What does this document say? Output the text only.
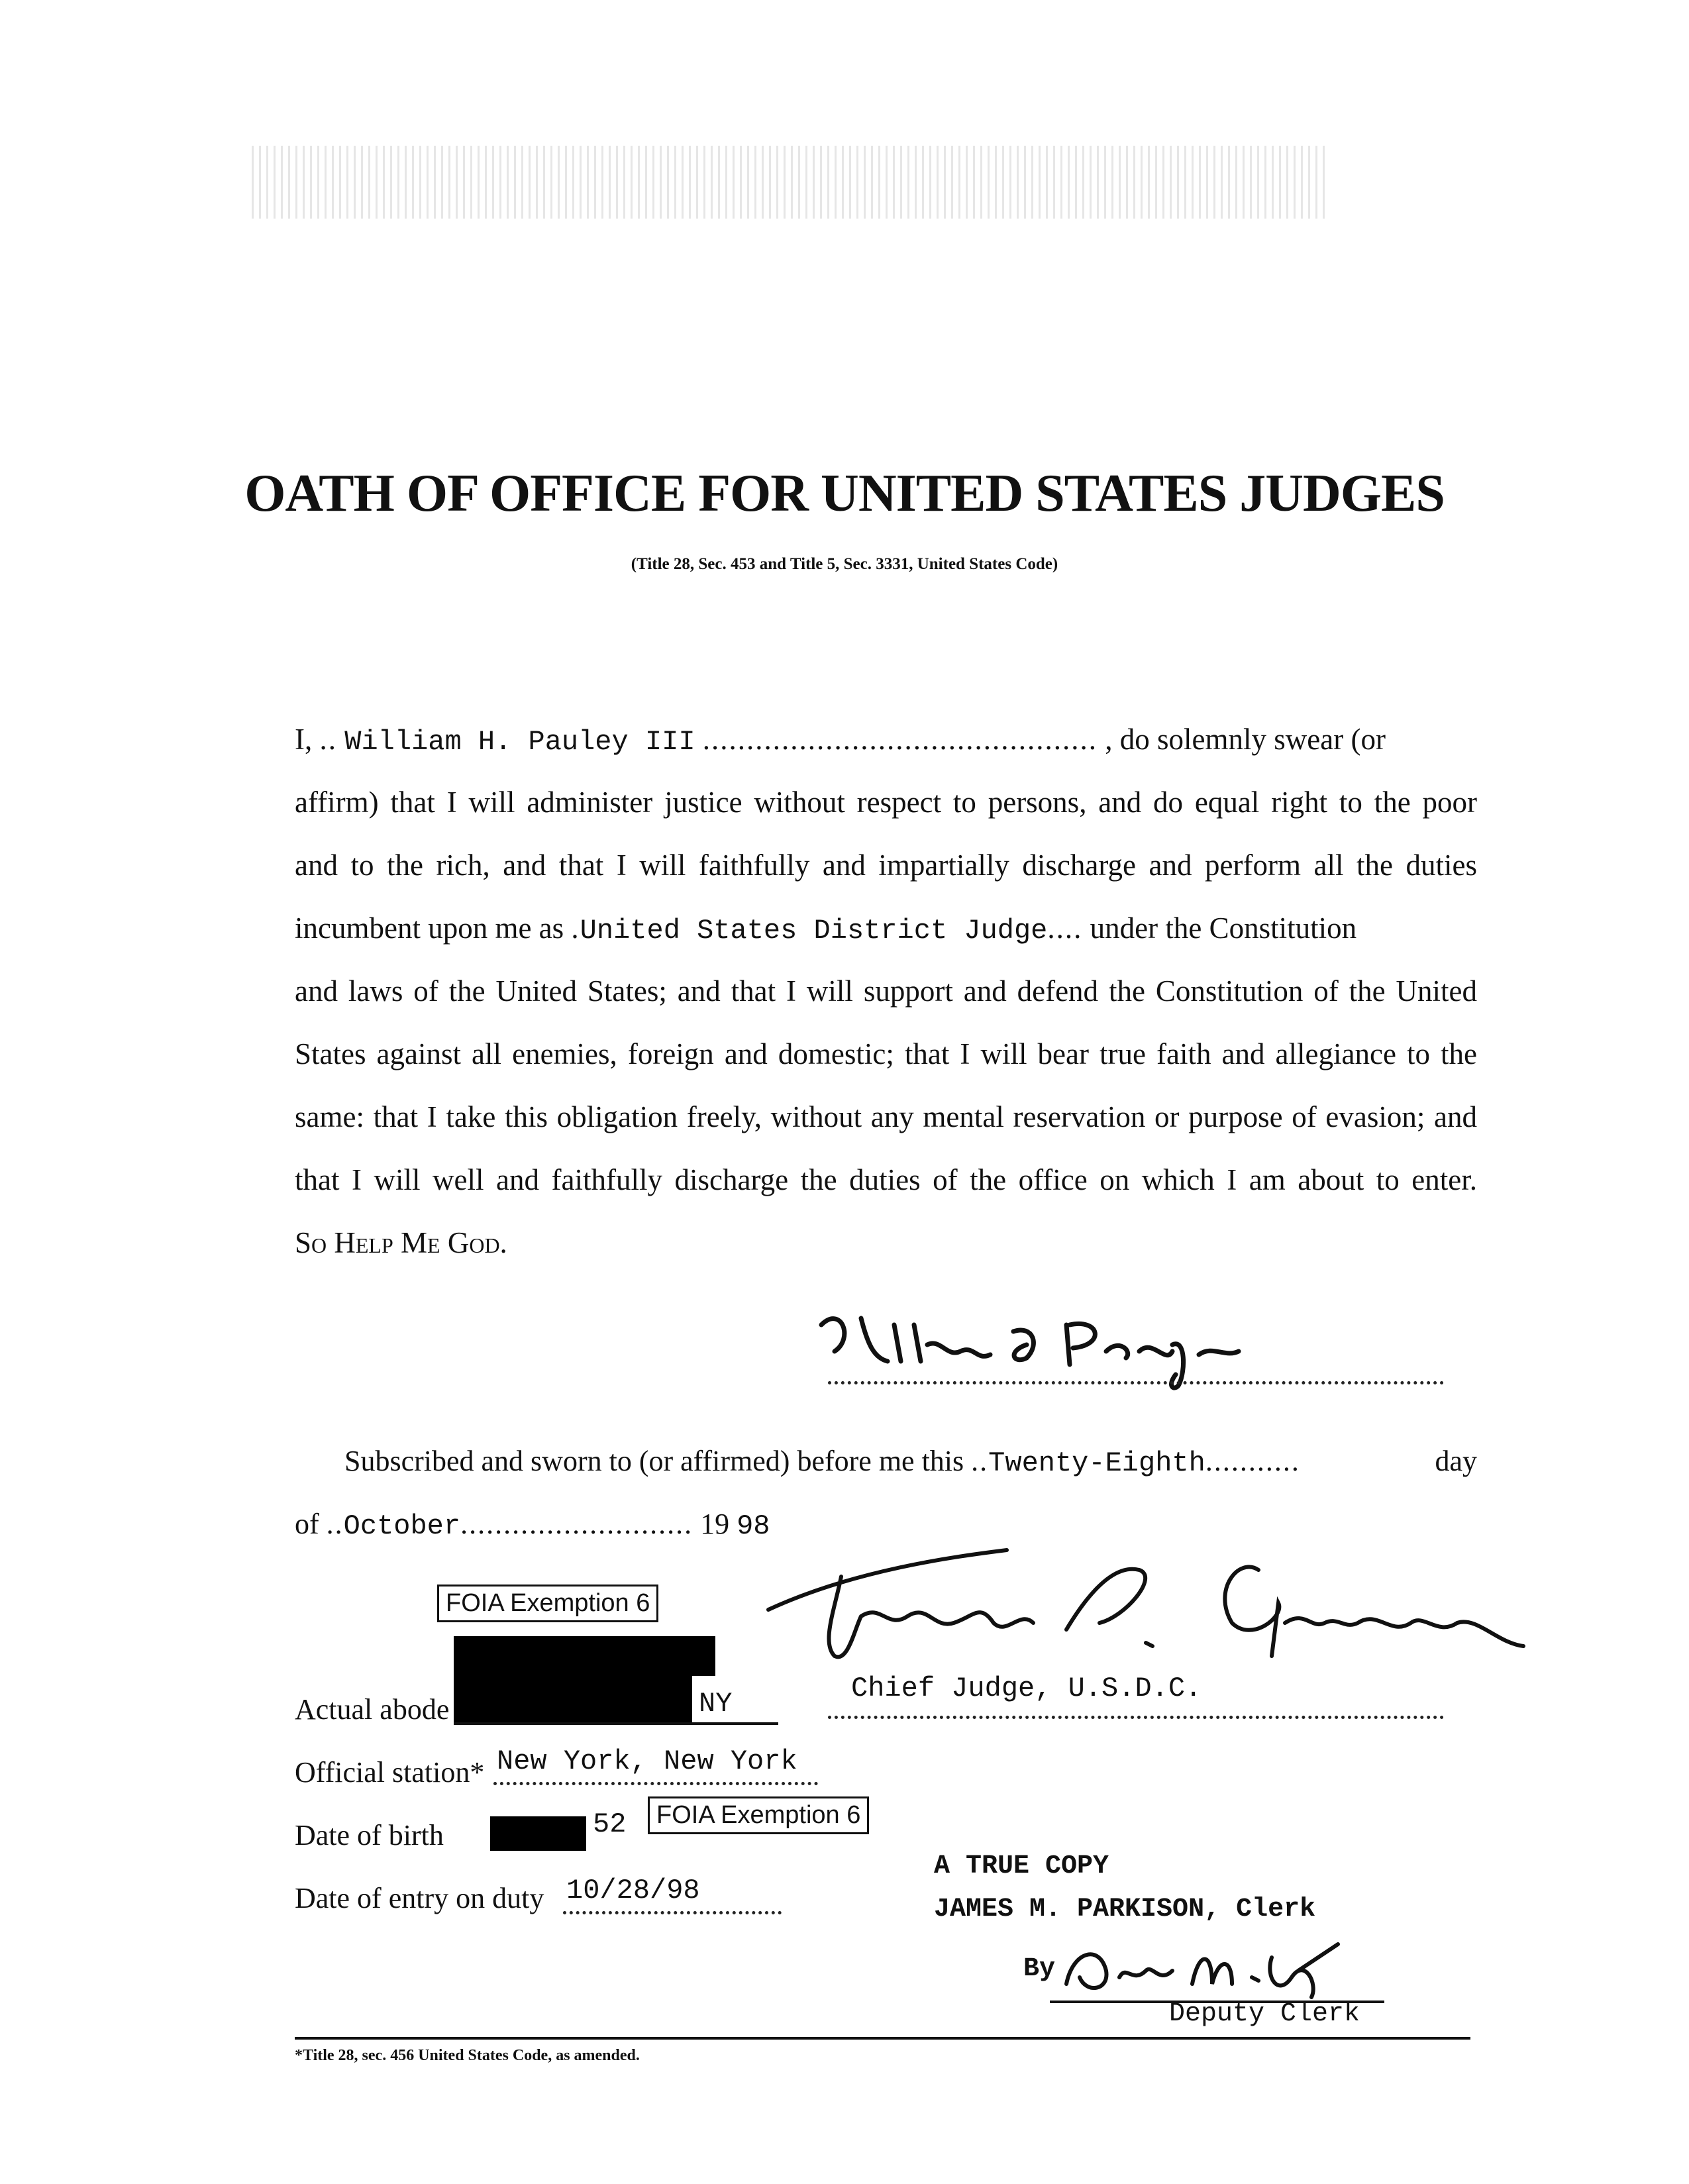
OATH OF OFFICE FOR UNITED STATES JUDGES
(Title 28, Sec. 453 and Title 5, Sec. 3331, United States Code)
I, .. William H. Pauley III ............................................. , do solemnly swear (or
affirm) that I will administer justice without respect to persons, and do equal right to the poor
and to the rich, and that I will faithfully and impartially discharge and perform all the duties
incumbent upon me as .United States District Judge.... under the Constitution
and laws of the United States; and that I will support and defend the Constitution of the United
States against all enemies, foreign and domestic; that I will bear true faith and allegiance to the
same: that I take this obligation freely, without any mental reservation or purpose of evasion; and
that I will well and faithfully discharge the duties of the office on which I am about to enter.
So Help Me God.
Subscribed and sworn to (or affirmed) before me this ..Twenty-Eighth...........	day
of ..October........................... 19 98
FOIA Exemption 6
Actual abode	NY	Chief Judge, U.S.D.C.
Official station* New York, New York
Date of birth	52	FOIA Exemption 6
Date of entry on duty 10/28/98
A TRUE COPY
JAMES M. PARKISON, Clerk
By
Deputy Clerk
*Title 28, sec. 456 United States Code, as amended.
